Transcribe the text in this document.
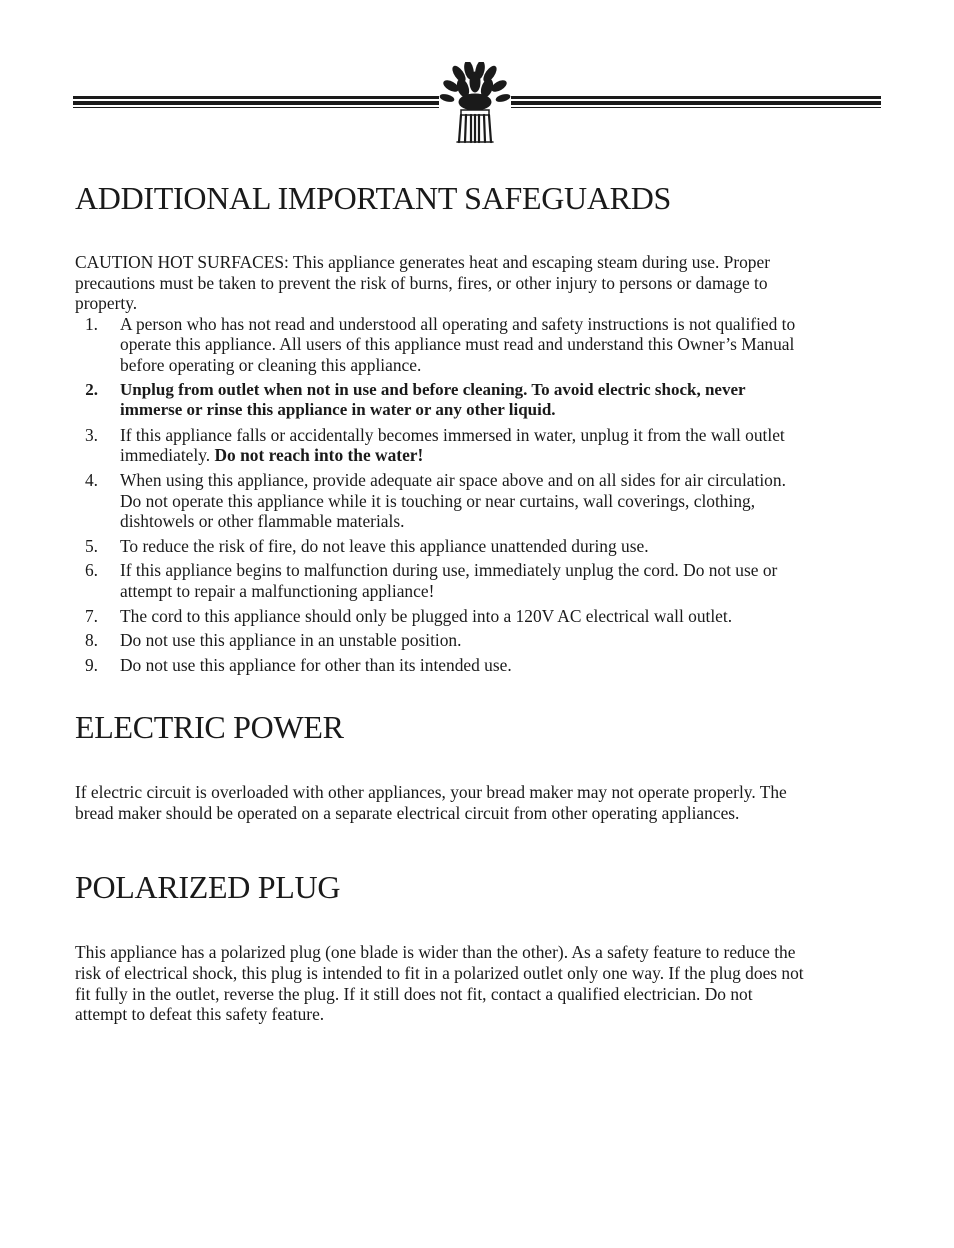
ADDITIONAL IMPORTANT SAFEGUARDS

CAUTION HOT SURFACES: This appliance generates heat and escaping steam during use. Proper precautions must be taken to prevent the risk of burns, fires, or other injury to persons or damage to property.

1. A person who has not read and understood all operating and safety instructions is not qualified to operate this appliance. All users of this appliance must read and understand this Owner’s Manual before operating or cleaning this appliance.
2. Unplug from outlet when not in use and before cleaning. To avoid electric shock, never immerse or rinse this appliance in water or any other liquid.
3. If this appliance falls or accidentally becomes immersed in water, unplug it from the wall outlet immediately. Do not reach into the water!
4. When using this appliance, provide adequate air space above and on all sides for air circulation. Do not operate this appliance while it is touching or near curtains, wall coverings, clothing, dishtowels or other flammable materials.
5. To reduce the risk of fire, do not leave this appliance unattended during use.
6. If this appliance begins to malfunction during use, immediately unplug the cord. Do not use or attempt to repair a malfunctioning appliance!
7. The cord to this appliance should only be plugged into a 120V AC electrical wall outlet.
8. Do not use this appliance in an unstable position.
9. Do not use this appliance for other than its intended use.
ELECTRIC POWER

If electric circuit is overloaded with other appliances, your bread maker may not operate properly. The bread maker should be operated on a separate electrical circuit from other operating appliances.

POLARIZED PLUG

This appliance has a polarized plug (one blade is wider than the other). As a safety feature to reduce the risk of electrical shock, this plug is intended to fit in a polarized outlet only one way. If the plug does not fit fully in the outlet, reverse the plug. If it still does not fit, contact a qualified electrician. Do not attempt to defeat this safety feature.
